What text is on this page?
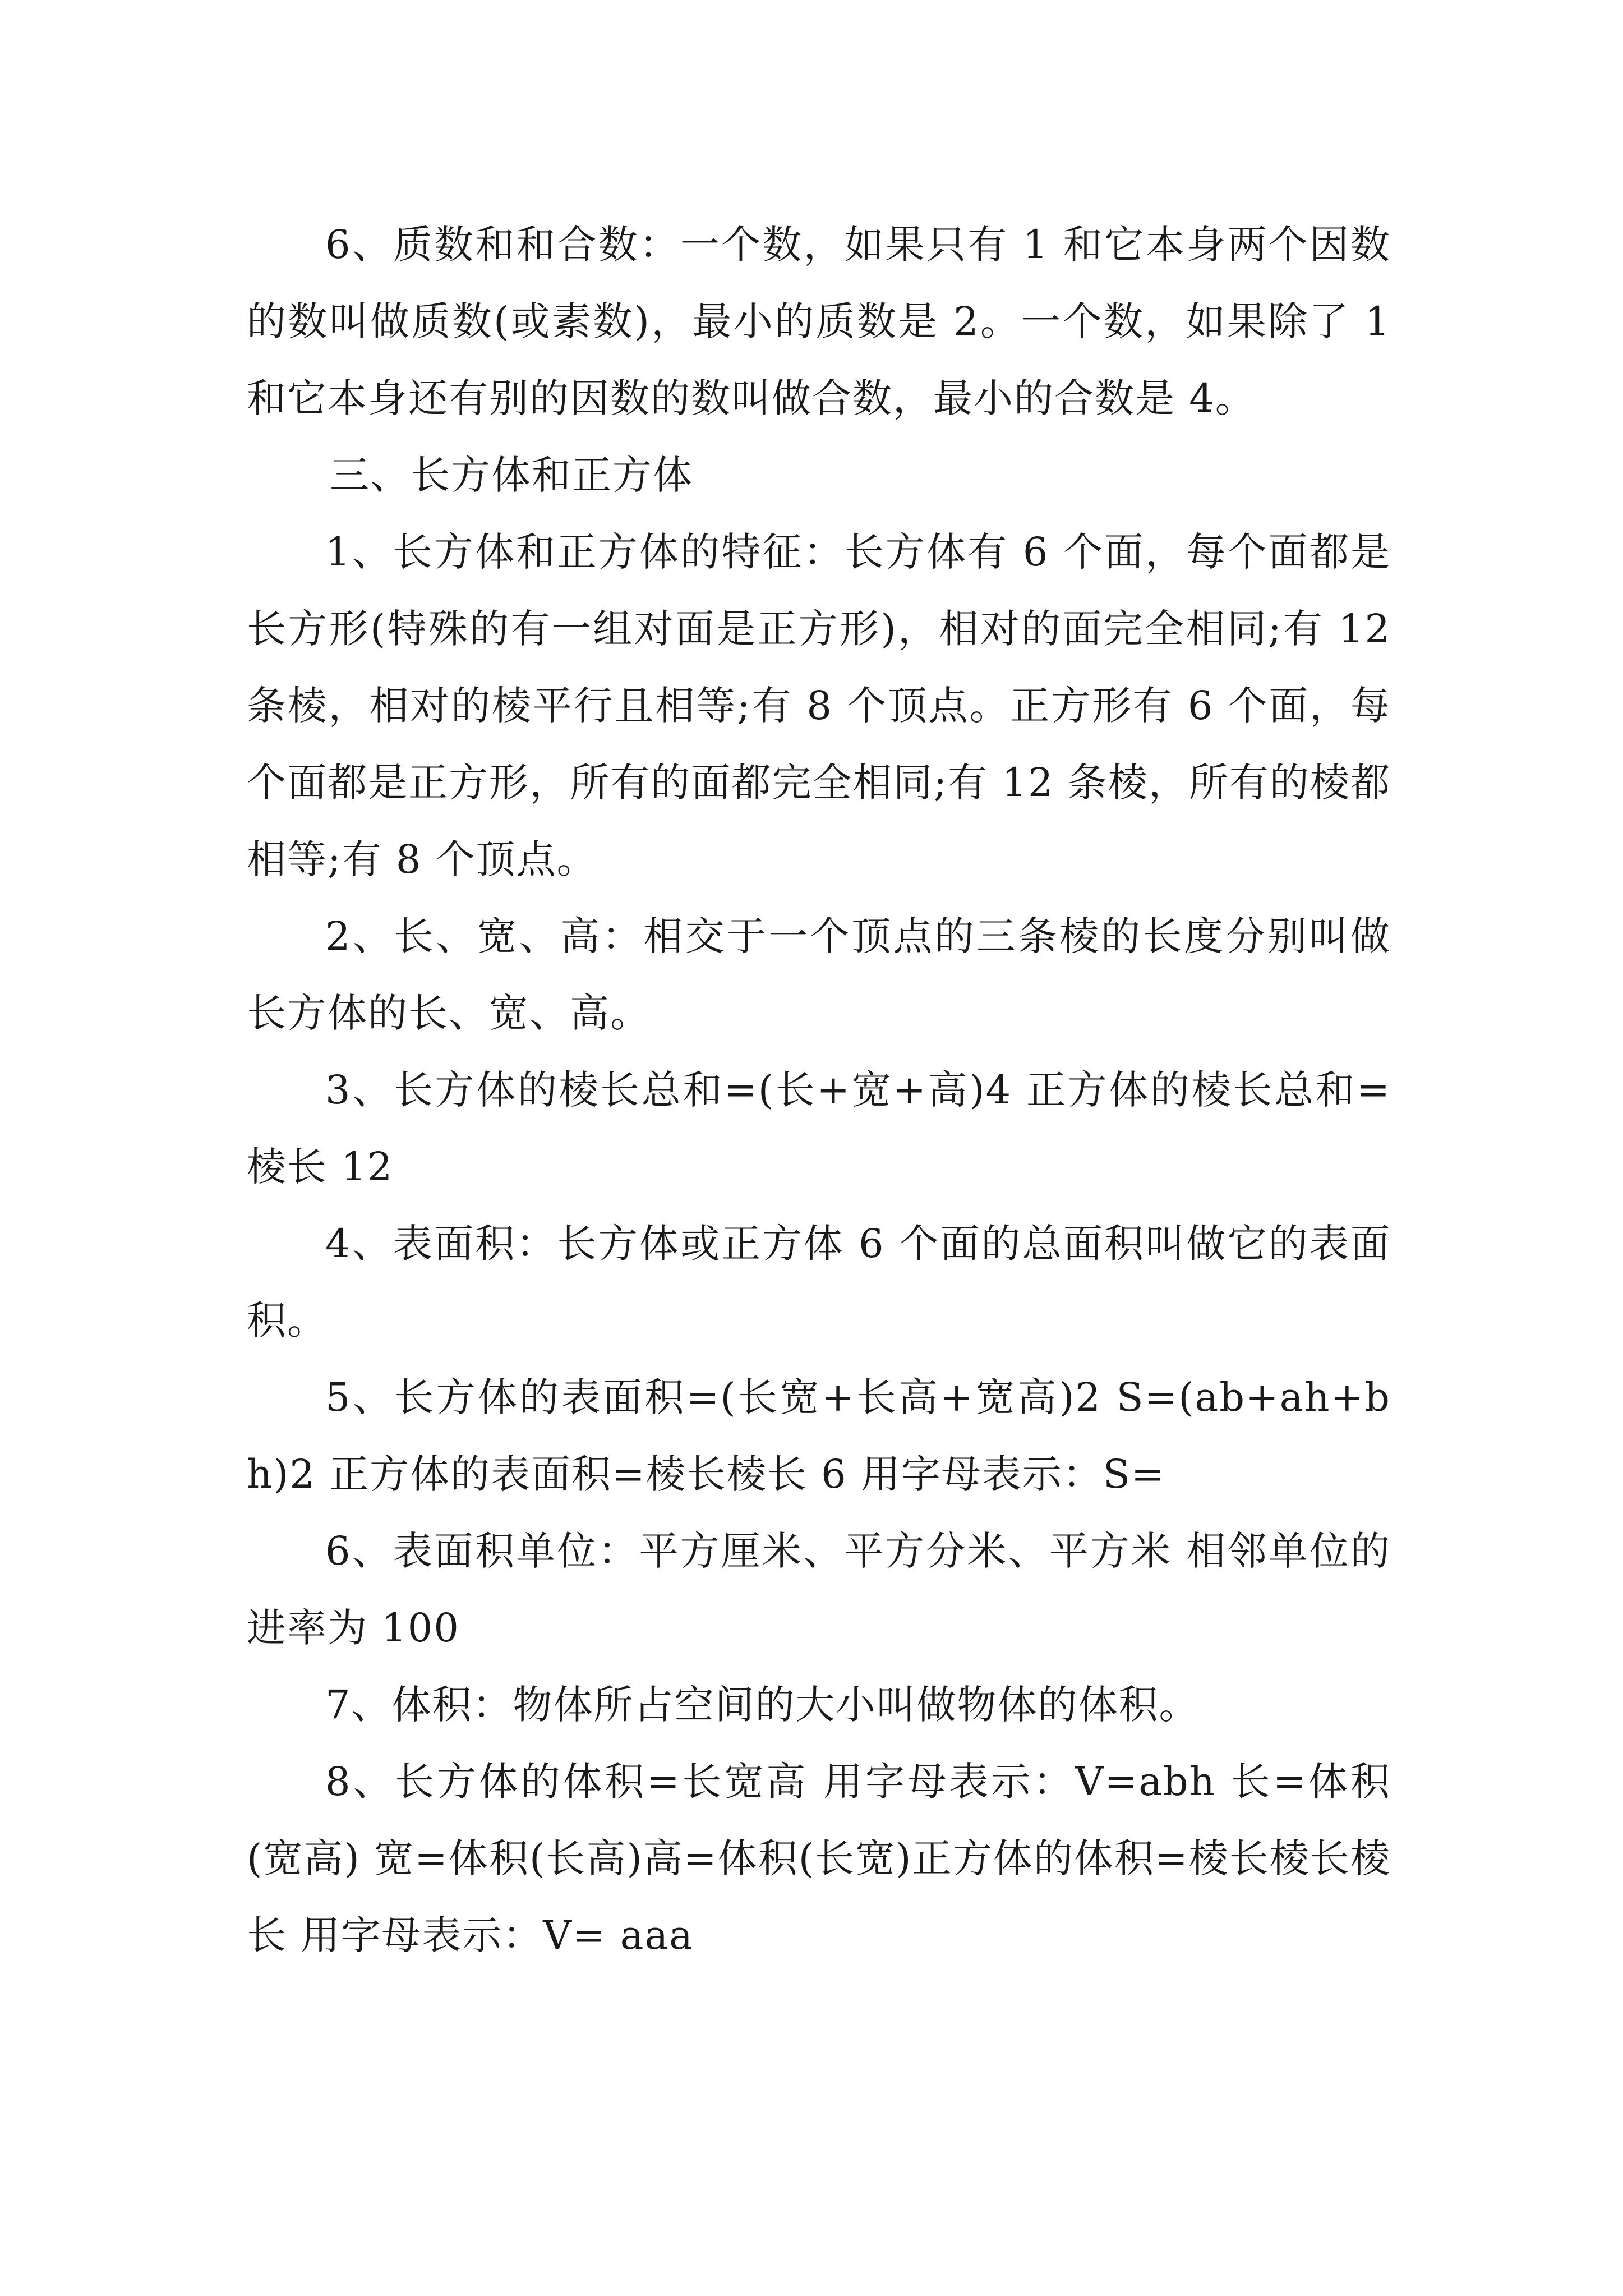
6、质数和和合数：一个数，如果只有 1 和它本身两个因数的数叫做质数(或素数)，最小的质数是 2。一个数，如果除了 1 和它本身还有别的因数的数叫做合数，最小的合数是 4。

三、长方体和正方体

1、长方体和正方体的特征：长方体有 6 个面，每个面都是长方形(特殊的有一组对面是正方形)，相对的面完全相同;有 12 条棱，相对的棱平行且相等;有 8 个顶点。正方形有 6 个面，每个面都是正方形，所有的面都完全相同;有 12 条棱，所有的棱都相等;有 8 个顶点。

2、长、宽、高：相交于一个顶点的三条棱的长度分别叫做长方体的长、宽、高。

3、长方体的棱长总和=(长+宽+高)4 正方体的棱长总和=棱长 12

4、表面积：长方体或正方体 6 个面的总面积叫做它的表面积。

5、长方体的表面积=(长宽+长高+宽高)2 S=(ab+ah+bh)2 正方体的表面积=棱长棱长 6 用字母表示：S=

6、表面积单位：平方厘米、平方分米、平方米 相邻单位的进率为 100

7、体积：物体所占空间的大小叫做物体的体积。

8、长方体的体积=长宽高 用字母表示：V=abh 长=体积(宽高) 宽=体积(长高)高=体积(长宽)正方体的体积=棱长棱长棱长 用字母表示：V= aaa
